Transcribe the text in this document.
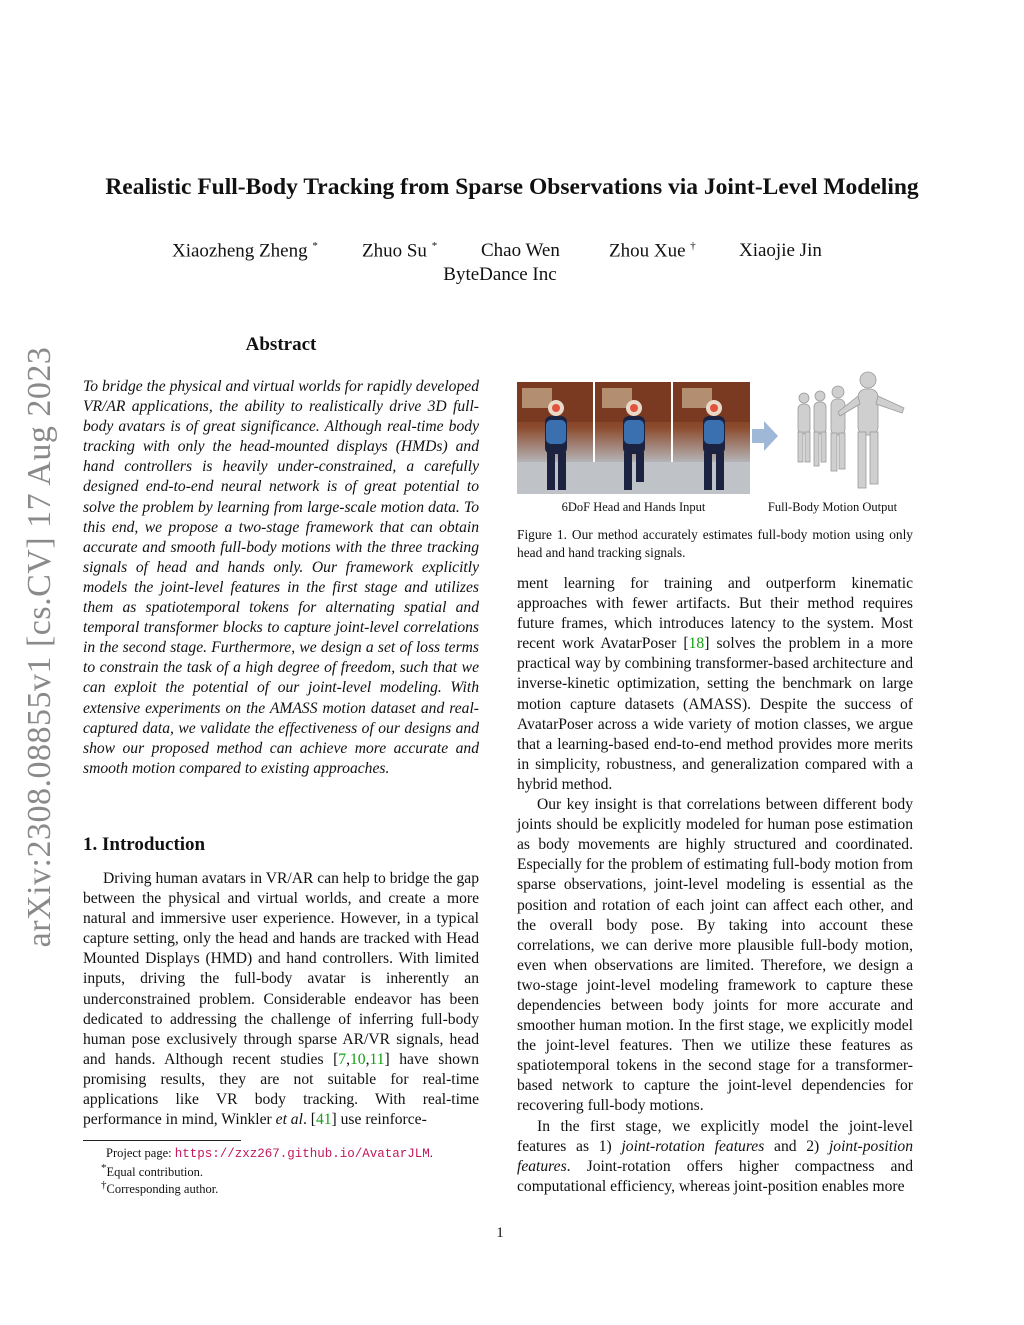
arXiv:2308.08855v1 [cs.CV] 17 Aug 2023
Realistic Full-Body Tracking from Sparse Observations via Joint-Level Modeling
Xiaozheng Zheng * Zhuo Su * Chao Wen	Zhou Xue † Xiaojie Jin
ByteDance Inc
Abstract
To bridge the physical and virtual worlds for rapidly developed VR/AR applications, the ability to realistically drive 3D full-body avatars is of great significance. Although real-time body tracking with only the head-mounted displays (HMDs) and hand controllers is heavily under-constrained, a carefully designed end-to-end neural network is of great potential to solve the problem by learning from large-scale motion data. To this end, we propose a two-stage framework that can obtain accurate and smooth full-body motions with the three tracking signals of head and hands only. Our framework explicitly models the joint-level features in the first stage and utilizes them as spatiotemporal tokens for alternating spatial and temporal transformer blocks to capture joint-level correlations in the second stage. Furthermore, we design a set of loss terms to constrain the task of a high degree of freedom, such that we can exploit the potential of our joint-level modeling. With extensive experiments on the AMASS motion dataset and real-captured data, we validate the effectiveness of our designs and show our proposed method can achieve more accurate and smooth motion compared to existing approaches.
1. Introduction
Driving human avatars in VR/AR can help to bridge the gap between the physical and virtual worlds, and create a more natural and immersive user experience. However, in a typical capture setting, only the head and hands are tracked with Head Mounted Displays (HMD) and hand controllers. With limited inputs, driving the full-body avatar is inherently an underconstrained problem. Considerable endeavor has been dedicated to addressing the challenge of inferring full-body human pose exclusively through sparse AR/VR signals, head and hands. Although recent studies [7,10,11] have shown promising results, they are not suitable for real-time applications like VR body tracking. With real-time performance in mind, Winkler et al. [41] use reinforce-
Project page: https://zxz267.github.io/AvatarJLM.
*Equal contribution.
†Corresponding author.
6DoF Head and Hands Input	Full-Body Motion Output
Figure 1. Our method accurately estimates full-body motion using only head and hand tracking signals.

ment learning for training and outperform kinematic approaches with fewer artifacts. But their method requires future frames, which introduces latency to the system. Most recent work AvatarPoser [18] solves the problem in a more practical way by combining transformer-based architecture and inverse-kinetic optimization, setting the benchmark on large motion capture datasets (AMASS). Despite the success of AvatarPoser across a wide variety of motion classes, we argue that a learning-based end-to-end method provides more merits in simplicity, robustness, and generalization compared with a hybrid method.

Our key insight is that correlations between different body joints should be explicitly modeled for human pose estimation as body movements are highly structured and coordinated. Especially for the problem of estimating full-body motion from sparse observations, joint-level modeling is essential as the position and rotation of each joint can affect each other, and the overall body pose. By taking into account these correlations, we can derive more plausible full-body motion, even when observations are limited. Therefore, we design a two-stage joint-level modeling framework to capture these dependencies between body joints for more accurate and smoother human motion. In the first stage, we explicitly model the joint-level features. Then we utilize these features as spatiotemporal tokens in the second stage for a transformer-based network to capture the joint-level dependencies for recovering full-body motions.

In the first stage, we explicitly model the joint-level features as 1) joint-rotation features and 2) joint-position features. Joint-rotation offers higher compactness and computational efficiency, whereas joint-position enables more

1
